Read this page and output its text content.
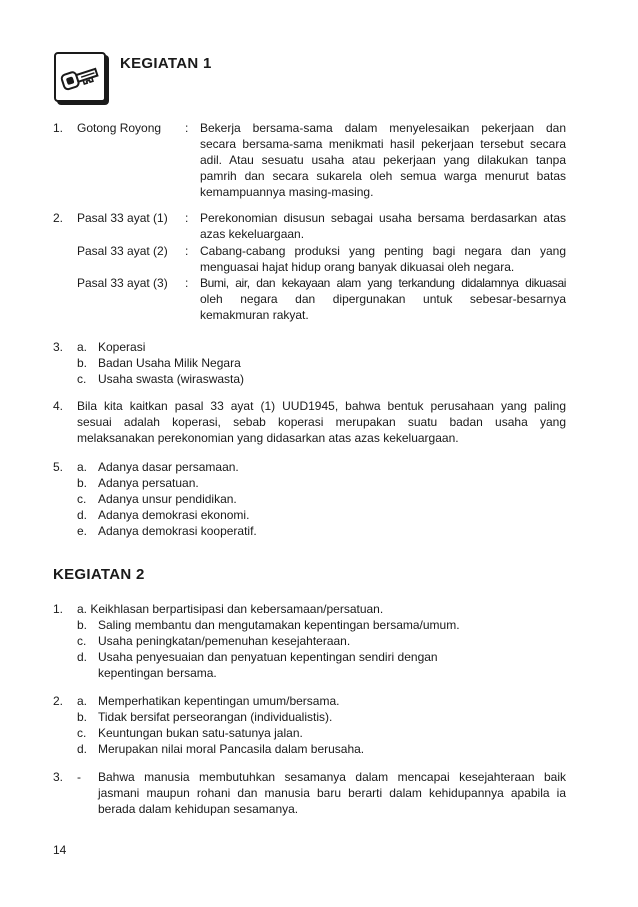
KEGIATAN 1
1. Gotong Royong : Bekerja bersama-sama dalam menyelesaikan pekerjaan dan
secara bersama-sama menikmati hasil pekerjaan tersebut secara
adil. Atau sesuatu usaha atau pekerjaan yang dilakukan tanpa
pamrih dan secara sukarela oleh semua warga menurut batas
kemampuannya masing-masing.
2. Pasal 33 ayat (1) : Perekonomian disusun sebagai usaha bersama berdasarkan atas
azas kekeluargaan.
Pasal 33 ayat (2) : Cabang-cabang produksi yang penting bagi negara dan yang
menguasai hajat hidup orang banyak dikuasai oleh negara.
Pasal 33 ayat (3) : Bumi, air, dan kekayaan alam yang terkandung didalamnya dikuasai
oleh negara dan dipergunakan untuk sebesar-besarnya
kemakmuran rakyat.
3. a. Koperasi
b. Badan Usaha Milik Negara
c. Usaha swasta (wiraswasta)
4. Bila kita kaitkan pasal 33 ayat (1) UUD1945, bahwa bentuk perusahaan yang paling
sesuai adalah koperasi, sebab koperasi merupakan suatu badan usaha yang
melaksanakan perekonomian yang didasarkan atas azas kekeluargaan.
5. a. Adanya dasar persamaan.
b. Adanya persatuan.
c. Adanya unsur pendidikan.
d. Adanya demokrasi ekonomi.
e. Adanya demokrasi kooperatif.
KEGIATAN 2
1. a. Keikhlasan berpartisipasi dan kebersamaan/persatuan.
b. Saling membantu dan mengutamakan kepentingan bersama/umum.
c. Usaha peningkatan/pemenuhan kesejahteraan.
d. Usaha penyesuaian dan penyatuan kepentingan sendiri dengan
kepentingan bersama.
2. a. Memperhatikan kepentingan umum/bersama.
b. Tidak bersifat perseorangan (individualistis).
c. Keuntungan bukan satu-satunya jalan.
d. Merupakan nilai moral Pancasila dalam berusaha.
3. - Bahwa manusia membutuhkan sesamanya dalam mencapai kesejahteraan baik
jasmani maupun rohani dan manusia baru berarti dalam kehidupannya apabila ia
berada dalam kehidupan sesamanya.
14
